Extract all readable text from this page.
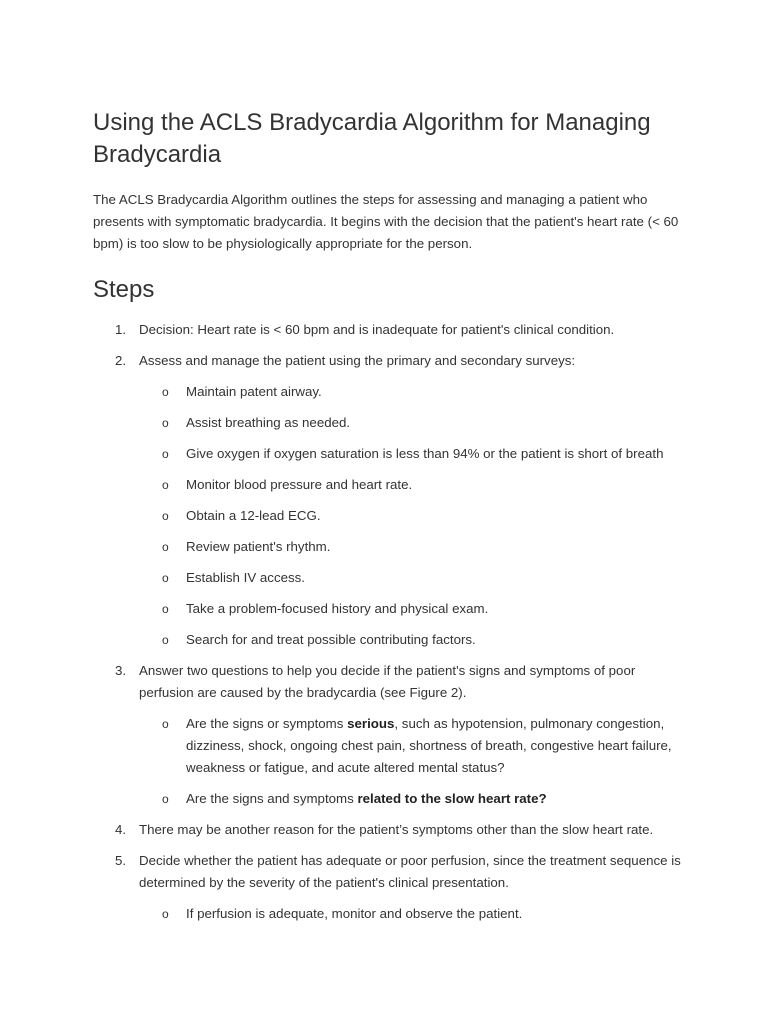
Using the ACLS Bradycardia Algorithm for Managing Bradycardia

The ACLS Bradycardia Algorithm outlines the steps for assessing and managing a patient who presents with symptomatic bradycardia. It begins with the decision that the patient's heart rate (< 60 bpm) is too slow to be physiologically appropriate for the person.

Steps
1. Decision: Heart rate is < 60 bpm and is inadequate for patient's clinical condition.
2. Assess and manage the patient using the primary and secondary surveys:
o Maintain patent airway.
o Assist breathing as needed.
o Give oxygen if oxygen saturation is less than 94% or the patient is short of breath
o Monitor blood pressure and heart rate.
o Obtain a 12-lead ECG.
o Review patient's rhythm.
o Establish IV access.
o Take a problem-focused history and physical exam.
o Search for and treat possible contributing factors.
3. Answer two questions to help you decide if the patient's signs and symptoms of poor perfusion are caused by the bradycardia (see Figure 2).
o Are the signs or symptoms serious, such as hypotension, pulmonary congestion, dizziness, shock, ongoing chest pain, shortness of breath, congestive heart failure, weakness or fatigue, and acute altered mental status?
o Are the signs and symptoms related to the slow heart rate?
4. There may be another reason for the patient’s symptoms other than the slow heart rate.
5. Decide whether the patient has adequate or poor perfusion, since the treatment sequence is determined by the severity of the patient's clinical presentation.
o If perfusion is adequate, monitor and observe the patient.
